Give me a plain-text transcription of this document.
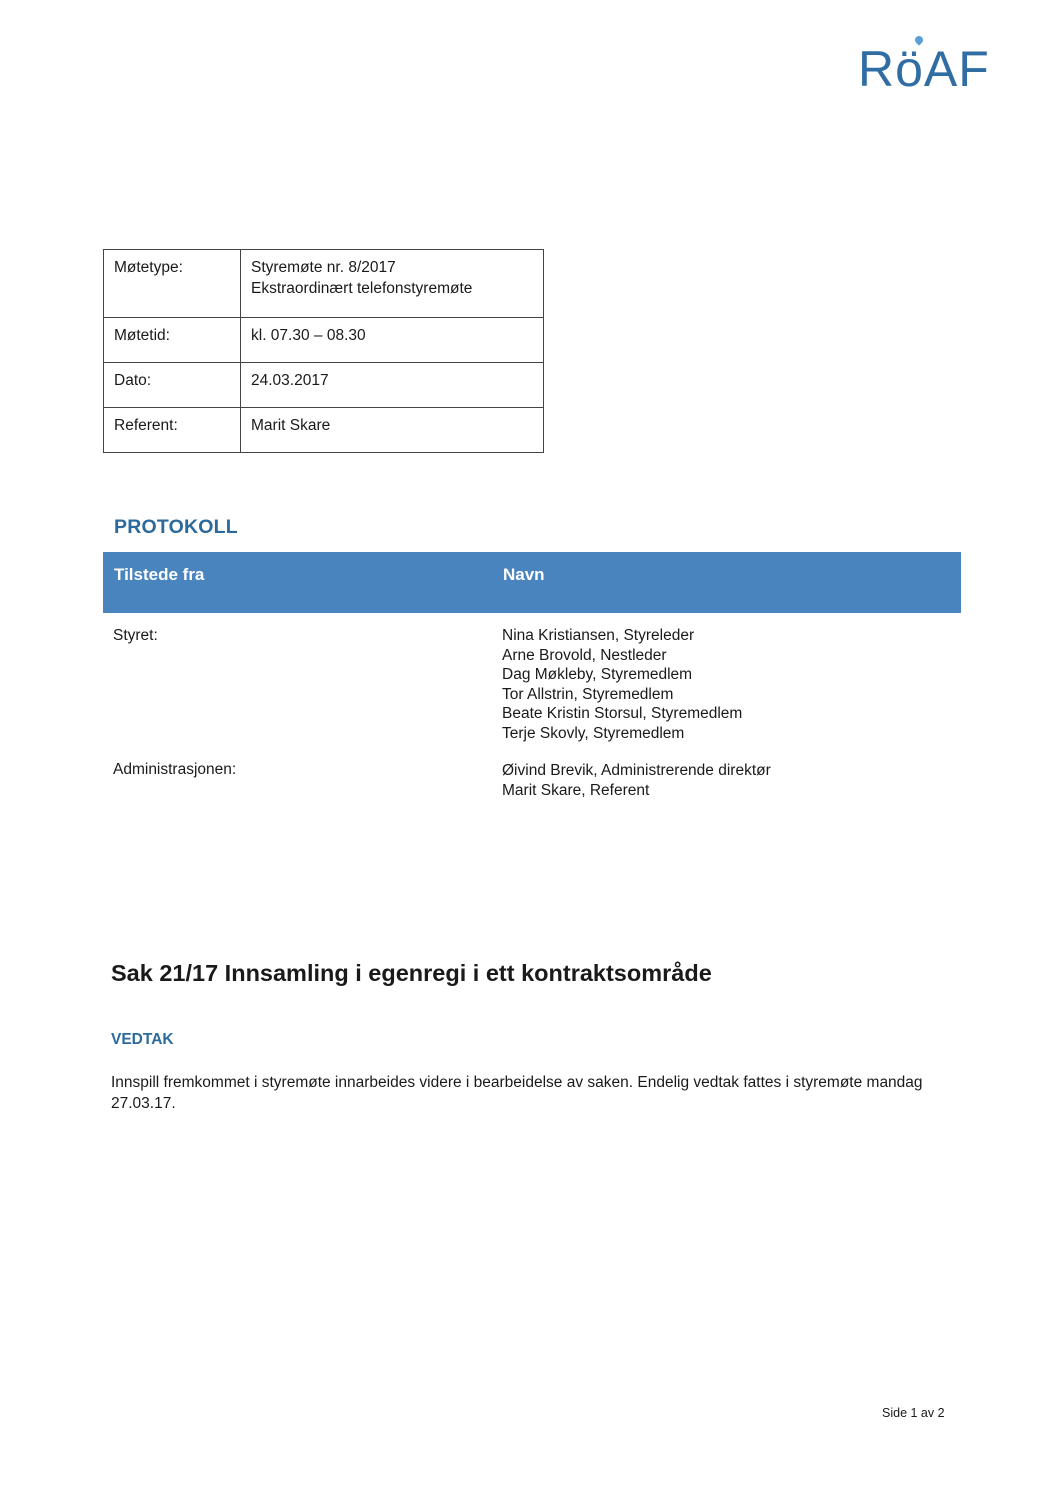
RöAF
Møtetype:	Styremøte nr. 8/2017
Ekstraordinært telefonstyremøte

Møtetid:	kl. 07.30 – 08.30
Dato:	24.03.2017
Referent:	Marit Skare
PROTOKOLL
Tilstede fra	Navn
Styret:	Nina Kristiansen, Styreleder
Arne Brovold, Nestleder
Dag Møkleby, Styremedlem
Tor Allstrin, Styremedlem
Beate Kristin Storsul, Styremedlem
Terje Skovly, Styremedlem
Administrasjonen:	Øivind Brevik, Administrerende direktør
Marit Skare, Referent
Sak 21/17 Innsamling i egenregi i ett kontraktsområde
VEDTAK
Innspill fremkommet i styremøte innarbeides videre i bearbeidelse av saken. Endelig vedtak fattes i styremøte mandag 27.03.17.
Side 1 av 2
